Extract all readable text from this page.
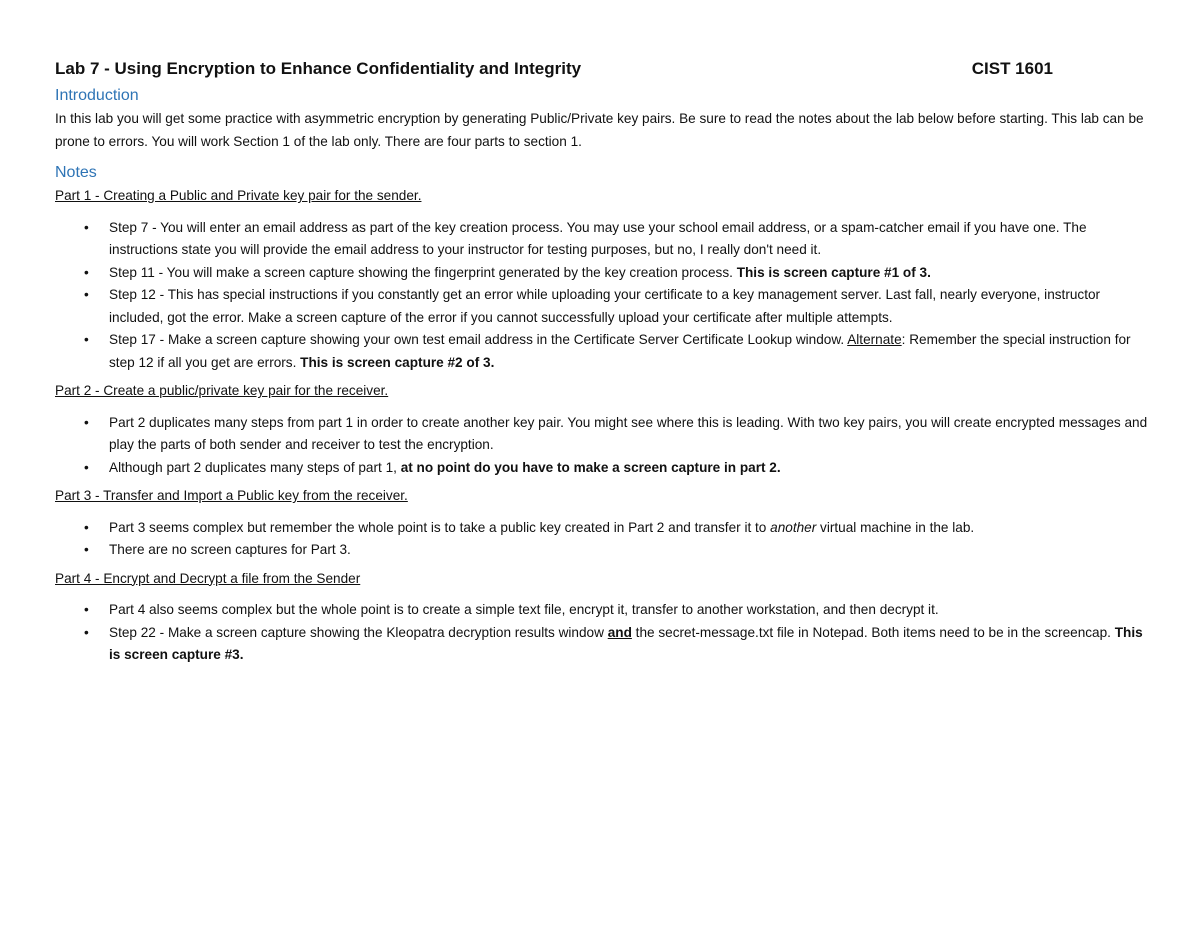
Lab 7 - Using Encryption to Enhance Confidentiality and Integrity	CIST 1601
Introduction

In this lab you will get some practice with asymmetric encryption by generating Public/Private key pairs. Be sure to read the notes about the lab below before starting. This lab can be prone to errors. You will work Section 1 of the lab only. There are four parts to section 1.

Notes

Part 1 - Creating a Public and Private key pair for the sender.

• Step 7 - You will enter an email address as part of the key creation process. You may use your school email address, or a spam-catcher email if you have one. The instructions state you will provide the email address to your instructor for testing purposes, but no, I really don't need it.
• Step 11 - You will make a screen capture showing the fingerprint generated by the key creation process. This is screen capture #1 of 3.
• Step 12 - This has special instructions if you constantly get an error while uploading your certificate to a key management server. Last fall, nearly everyone, instructor included, got the error. Make a screen capture of the error if you cannot successfully upload your certificate after multiple attempts.
• Step 17 - Make a screen capture showing your own test email address in the Certificate Server Certificate Lookup window. Alternate: Remember the special instruction for step 12 if all you get are errors. This is screen capture #2 of 3.

Part 2 - Create a public/private key pair for the receiver.

• Part 2 duplicates many steps from part 1 in order to create another key pair. You might see where this is leading. With two key pairs, you will create encrypted messages and play the parts of both sender and receiver to test the encryption.
• Although part 2 duplicates many steps of part 1, at no point do you have to make a screen capture in part 2.

Part 3 - Transfer and Import a Public key from the receiver.

• Part 3 seems complex but remember the whole point is to take a public key created in Part 2 and transfer it to another virtual machine in the lab.
• There are no screen captures for Part 3.

Part 4 - Encrypt and Decrypt a file from the Sender

• Part 4 also seems complex but the whole point is to create a simple text file, encrypt it, transfer to another workstation, and then decrypt it.
• Step 22 - Make a screen capture showing the Kleopatra decryption results window and the secret-message.txt file in Notepad. Both items need to be in the screencap. This is screen capture #3.
